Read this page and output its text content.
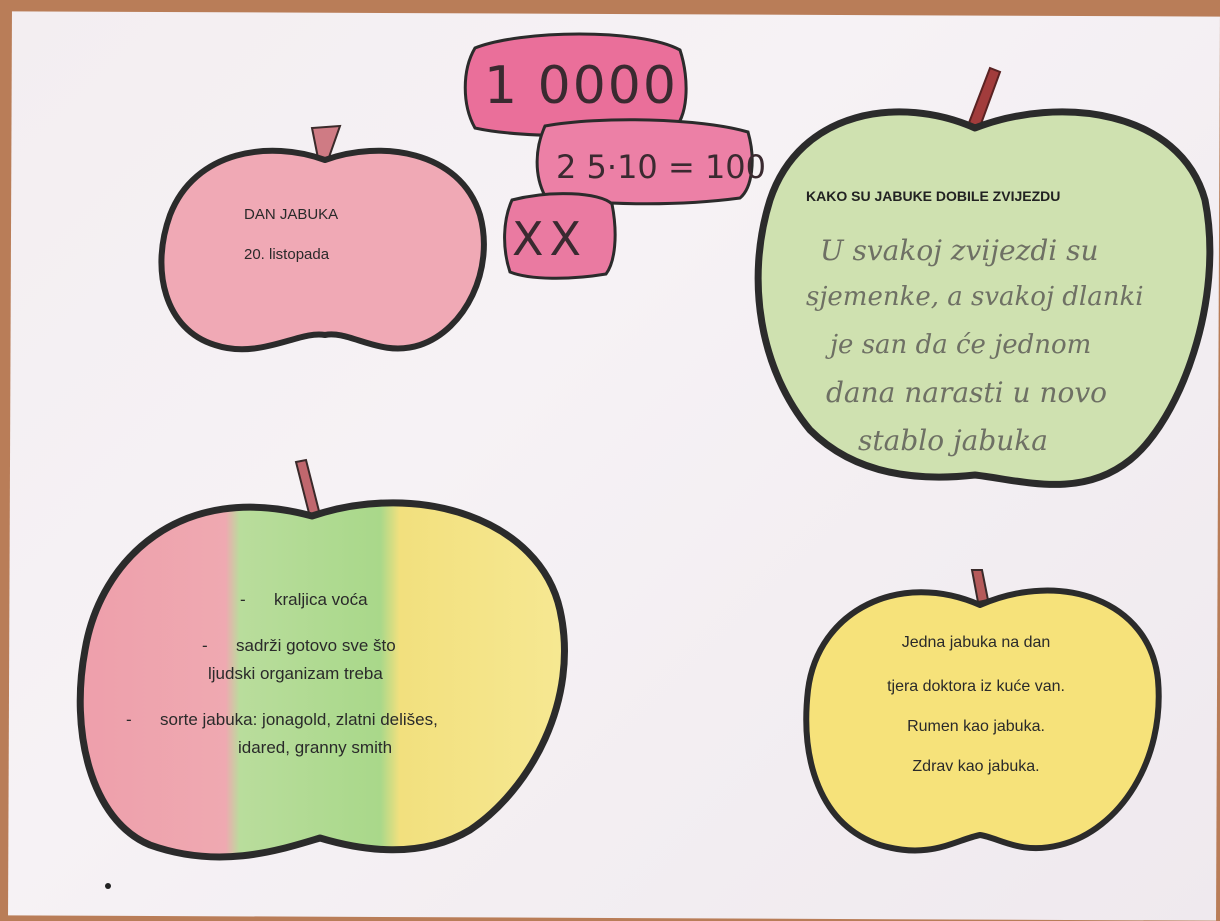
DAN JABUKA
20. listopada
1 0000
2 5·10 = 100
XX
KAKO SU JABUKE DOBILE ZVIJEZDU
U svakoj zvijezdi su
sjemenke, a svakoj dlanki
je san da će jednom
dana narasti u novo
stablo jabuka
-      kraljica voća
-      sadrži gotovo sve što
ljudski organizam treba
-      sorte jabuka: jonagold, zlatni delišes,
idared, granny smith
Jedna jabuka na dan
tjera doktora iz kuće van.
Rumen kao jabuka.
Zdrav kao jabuka.
